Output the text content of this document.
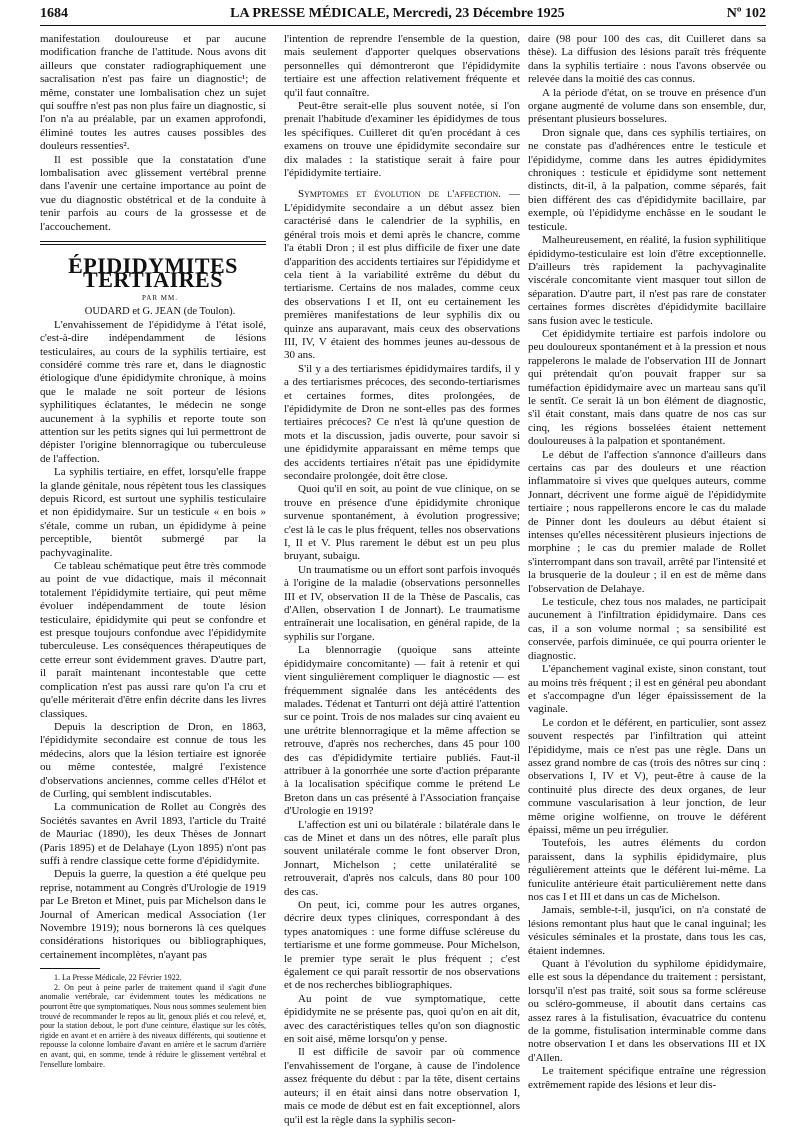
1684	LA PRESSE MÉDICALE, Mercredi, 23 Décembre 1925	Nº 102

manifestation douloureuse et par aucune modification franche de l'attitude. Nous avons dit ailleurs que constater radiographiquement une sacralisation n'est pas faire un diagnostic¹; de même, constater une lombalisation chez un sujet qui souffre n'est pas non plus faire un diagnostic, si l'on n'a au préalable, par un examen approfondi, éliminé toutes les autres causes possibles des douleurs ressenties².

Il est possible que la constatation d'une lombalisation avec glissement vertébral prenne dans l'avenir une certaine importance au point de vue du diagnostic obstétrical et de la conduite à tenir parfois au cours de la grossesse et de l'accouchement.

ÉPIDIDYMITES TERTIAIRES

PAR MM.

OUDARD et G. JEAN (de Toulon).

L'envahissement de l'épididyme à l'état isolé, c'est-à-dire indépendamment de lésions testiculaires, au cours de la syphilis tertiaire, est considéré comme très rare et, dans le diagnostic étiologique d'une épididymite chronique, à moins que le malade ne soit porteur de lésions syphilitiques éclatantes, le médecin ne songe aucunement à la syphilis et reporte toute son attention sur les petits signes qui lui permettront de dépister l'origine blennorragique ou tuberculeuse de l'affection.

La syphilis tertiaire, en effet, lorsqu'elle frappe la glande génitale, nous répètent tous les classiques depuis Ricord, est surtout une syphilis testiculaire et non épididymaire. Sur un testicule « en bois » s'étale, comme un ruban, un épididyme à peine perceptible, bientôt submergé par la pachyvaginalite.

Ce tableau schématique peut être très commode au point de vue didactique, mais il méconnait totalement l'épididymite tertiaire, qui peut même évoluer indépendamment de toute lésion testiculaire, épididymite qui peut se confondre et est presque toujours confondue avec l'épididymite tuberculeuse. Les conséquences thérapeutiques de cette erreur sont évidemment graves. D'autre part, il paraît maintenant incontestable que cette complication n'est pas aussi rare qu'on l'a cru et qu'elle mériterait d'être enfin décrite dans les livres classiques.

Depuis la description de Dron, en 1863, l'épididymite secondaire est connue de tous les médecins, alors que la lésion tertiaire est ignorée ou même contestée, malgré l'existence d'observations anciennes, comme celles d'Hélot et de Curling, qui semblent indiscutables.

La communication de Rollet au Congrès des Sociétés savantes en Avril 1893, l'article du Traité de Mauriac (1890), les deux Thèses de Jonnart (Paris 1895) et de Delahaye (Lyon 1895) n'ont pas suffi à rendre classique cette forme d'épididymite.

Depuis la guerre, la question a été quelque peu reprise, notamment au Congrès d'Urologie de 1919 par Le Breton et Minet, puis par Michelson dans le Journal of American medical Association (1er Novembre 1919); nous bornerons là ces quelques considérations historiques ou bibliographiques, certainement incomplètes, n'ayant pas

1. La Presse Médicale, 22 Février 1922.

2. On peut à peine parler de traitement quand il s'agit d'une anomalie vertébrale, car évidemment toutes les médications ne pourront être que symptomatiques. Nous nous sommes seulement bien trouvé de recommander le repos au lit, genoux pliés et cou relevé, et, pour la station debout, le port d'une ceinture, élastique sur les côtés, rigide en avant et en arrière à des niveaux différents, qui soutienne et repousse la colonne lombaire d'avant en arrière et le sacrum d'arrière en avant, qui, en somme, tende à réduire le glissement vertébral et l'ensellure lombaire.

l'intention de reprendre l'ensemble de la question, mais seulement d'apporter quelques observations personnelles qui démontreront que l'épididymite tertiaire est une affection relativement fréquente et qu'il faut connaître.

Peut-être serait-elle plus souvent notée, si l'on prenait l'habitude d'examiner les épididymes de tous les spécifiques. Cuilleret dit qu'en procédant à ces examens on trouve une épididymite secondaire sur dix malades : la statistique serait à faire pour l'épididymite tertiaire.

Symptomes et évolution de l'affection. — L'épididymite secondaire a un début assez bien caractérisé dans le calendrier de la syphilis, en général trois mois et demi après le chancre, comme l'a établi Dron ; il est plus difficile de fixer une date d'apparition des accidents tertiaires sur l'épididyme et cela tient à la variabilité extrême du début du tertiarisme. Certains de nos malades, comme ceux des observations I et II, ont eu certainement les premières manifestations de leur syphilis dix ou quinze ans auparavant, mais ceux des observations III, IV, V étaient des hommes jeunes au-dessous de 30 ans.

S'il y a des tertiarismes épididymaires tardifs, il y a des tertiarismes précoces, des secondo-tertiarismes et certaines formes, dites prolongées, de l'épididymite de Dron ne sont-elles pas des formes tertiaires précoces? Ce n'est là qu'une question de mots et la discussion, jadis ouverte, pour savoir si une épididymite apparaissant en même temps que des accidents tertiaires n'était pas une épididymite secondaire prolongée, doit être close.

Quoi qu'il en soit, au point de vue clinique, on se trouve en présence d'une épididymite chronique survenue spontanément, à évolution progressive; c'est là le cas le plus fréquent, telles nos observations I, II et V. Plus rarement le début est un peu plus bruyant, subaigu.

Un traumatisme ou un effort sont parfois invoqués à l'origine de la maladie (observations personnelles III et IV, observation II de la Thèse de Pascalis, cas d'Allen, observation I de Jonnart). Le traumatisme entraînerait une localisation, en général rapide, de la syphilis sur l'organe.

La blennorragie (quoique sans atteinte épididymaire concomitante) — fait à retenir et qui vient singulièrement compliquer le diagnostic — est fréquemment signalée dans les antécédents des malades. Tédenat et Tanturri ont déjà attiré l'attention sur ce point. Trois de nos malades sur cinq avaient eu une urétrite blennorragique et la même affection se retrouve, d'après nos recherches, dans 45 pour 100 des cas d'épididymite tertiaire publiés. Faut-il attribuer à la gonorrhée une sorte d'action préparante à la localisation spécifique comme le prétend Le Breton dans un cas présenté à l'Association française d'Urologie en 1919?

L'affection est uni ou bilatérale : bilatérale dans le cas de Minet et dans un des nôtres, elle paraît plus souvent unilatérale comme le font observer Dron, Jonnart, Michelson ; cette unilatéralité se retrouverait, d'après nos calculs, dans 80 pour 100 des cas.

On peut, ici, comme pour les autres organes, décrire deux types cliniques, correspondant à des types anatomiques : une forme diffuse scléreuse du tertiarisme et une forme gommeuse. Pour Michelson, le premier type serait le plus fréquent ; c'est également ce qui paraît ressortir de nos observations et de nos recherches bibliographiques.

Au point de vue symptomatique, cette épididymite ne se présente pas, quoi qu'on en ait dit, avec des caractéristiques telles qu'on son diagnostic en soit aisé, même lorsqu'on y pense.

Il est difficile de savoir par où commence l'envahissement de l'organe, à cause de l'indolence assez fréquente du début : par la tête, disent certains auteurs; il en était ainsi dans notre observation I, mais ce mode de début est en fait exceptionnel, alors qu'il est la règle dans la syphilis secon-

daire (98 pour 100 des cas, dit Cuilleret dans sa thèse). La diffusion des lésions paraît très fréquente dans la syphilis tertiaire : nous l'avons observée ou relevée dans la moitié des cas connus.

A la période d'état, on se trouve en présence d'un organe augmenté de volume dans son ensemble, dur, présentant plusieurs bosselures.

Dron signale que, dans ces syphilis tertiaires, on ne constate pas d'adhérences entre le testicule et l'épididyme, comme dans les autres épididymites chroniques : testicule et épididyme sont nettement distincts, dit-il, à la palpation, comme séparés, fait bien différent des cas d'épididymite bacillaire, par exemple, où l'épididyme enchâsse en le soudant le testicule.

Malheureusement, en réalité, la fusion syphilitique épididymo-testiculaire est loin d'être exceptionnelle. D'ailleurs très rapidement la pachyvaginalite viscérale concomitante vient masquer tout sillon de séparation. D'autre part, il n'est pas rare de constater certaines formes discrètes d'épididymite bacillaire sans fusion avec le testicule.

Cet épididymite tertiaire est parfois indolore ou peu douloureux spontanément et à la pression et nous rappelerons le malade de l'observation III de Jonnart qui prétendait qu'on pouvait frapper sur sa tuméfaction épididymaire avec un marteau sans qu'il le sentît. Ce serait là un bon élément de diagnostic, s'il était constant, mais dans quatre de nos cas sur cinq, les régions bosselées étaient nettement douloureuses à la palpation et spontanément.

Le début de l'affection s'annonce d'ailleurs dans certains cas par des douleurs et une réaction inflammatoire si vives que quelques auteurs, comme Jonnart, décrivent une forme aiguë de l'épididymite tertiaire ; nous rappellerons encore le cas du malade de Pinner dont les douleurs au début étaient si intenses qu'elles nécessitèrent plusieurs injections de morphine ; le cas du premier malade de Rollet s'interrompant dans son travail, arrêté par l'intensité et la brusquerie de la douleur ; il en est de même dans l'observation de Delahaye.

Le testicule, chez tous nos malades, ne participait aucunement à l'infiltration épididymaire. Dans ces cas, il a son volume normal ; sa sensibilité est conservée, parfois diminuée, ce qui pourra orienter le diagnostic.

L'épanchement vaginal existe, sinon constant, tout au moins très fréquent ; il est en général peu abondant et s'accompagne d'un léger épaississement de la vaginale.

Le cordon et le déférent, en particulier, sont assez souvent respectés par l'infiltration qui atteint l'épididyme, mais ce n'est pas une règle. Dans un assez grand nombre de cas (trois des nôtres sur cinq : observations I, IV et V), peut-être à cause de la continuité plus directe des deux organes, de leur commune vascularisation à leur jonction, de leur même origine wolfienne, on trouve le déférent épaissi, même un peu irrégulier.

Toutefois, les autres éléments du cordon paraissent, dans la syphilis épididymaire, plus régulièrement atteints que le déférent lui-même. La funiculite antérieure était particulièrement nette dans nos cas I et III et dans un cas de Michelson.

Jamais, semble-t-il, jusqu'ici, on n'a constaté de lésions remontant plus haut que le canal inguinal; les vésicules séminales et la prostate, dans tous les cas, étaient indemnes.

Quant à l'évolution du syphilome épididymaire, elle est sous la dépendance du traitement : persistant, lorsqu'il n'est pas traité, soit sous sa forme scléreuse ou scléro-gommeuse, il aboutit dans certains cas assez rares à la fistulisation, évacuatrice du contenu de la gomme, fistulisation interminable comme dans notre observation I et dans les observations III et IX d'Allen.

Le traitement spécifique entraîne une régression extrêmement rapide des lésions et leur dis-
